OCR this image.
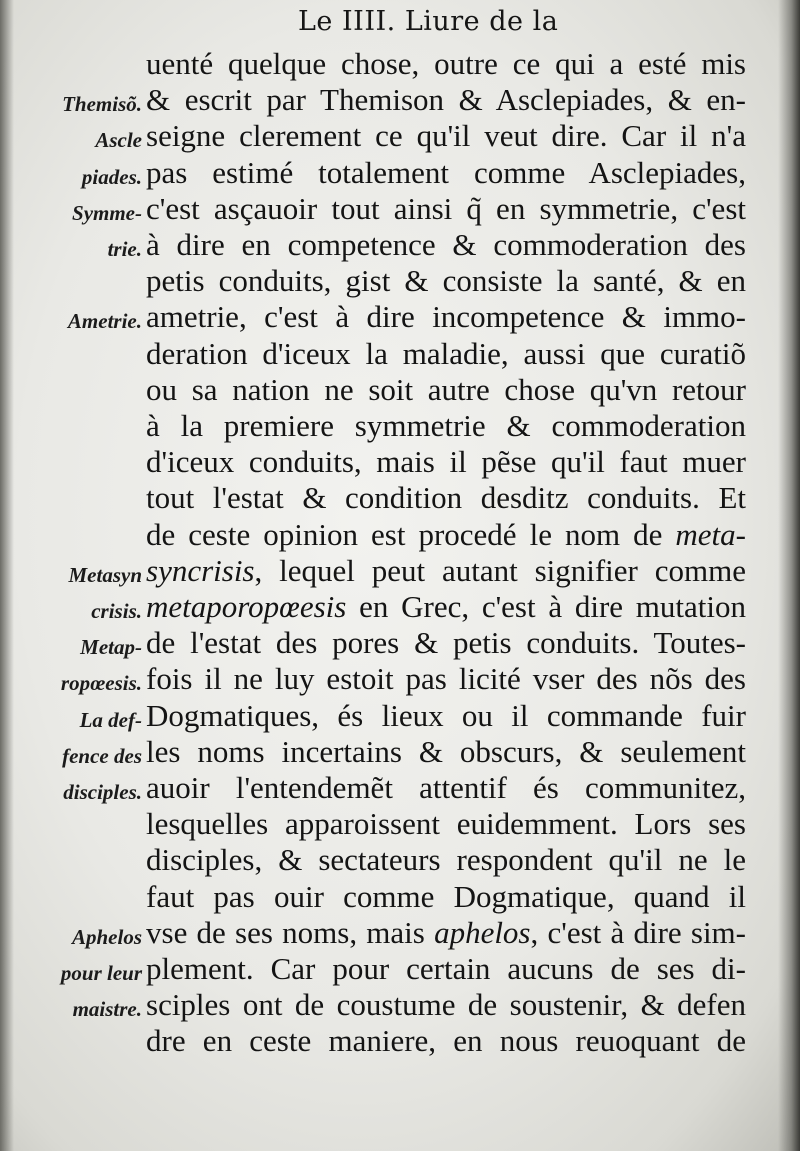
Le IIII. Liure de la
uenté quelque chose, outre ce qui a esté mis
& escrit par Themison & Asclepiades, & en-
seigne clerement ce qu'il veut dire. Car il n'a
pas estimé totalement comme Asclepiades,
c'est asçauoir tout ainsi q̃ en symmetrie, c'est
à dire en competence & commoderation des
petis conduits, gist & consiste la santé, & en
ametrie, c'est à dire incompetence & immo-
deration d'iceux la maladie, aussi que curatiõ
ou sa nation ne soit autre chose qu'vn retour
à la premiere symmetrie & commoderation
d'iceux conduits, mais il pẽse qu'il faut muer
tout l'estat & condition desditz conduits. Et
de ceste opinion est procedé le nom de meta-
syncrisis, lequel peut autant signifier comme
metaporopœesis en Grec, c'est à dire mutation
de l'estat des pores & petis conduits. Toutes-
fois il ne luy estoit pas licité vser des nõs des
Dogmatiques, és lieux ou il commande fuir
les noms incertains & obscurs, & seulement
auoir l'entendemẽt attentif és communitez,
lesquelles apparoissent euidemment. Lors ses
disciples, & sectateurs respondent qu'il ne le
faut pas ouir comme Dogmatique, quand il
vse de ses noms, mais aphelos, c'est à dire sim-
plement. Car pour certain aucuns de ses di-
sciples ont de coustume de soustenir, & defen
dre en ceste maniere, en nous reuoquant de
Themisõ.
Ascle
piades.
Symme-
trie.
Ametrie.
Metasyn
crisis.
Metap-
ropœesis.
La def-
fence des
disciples.
Aphelos
pour leur
maistre.
